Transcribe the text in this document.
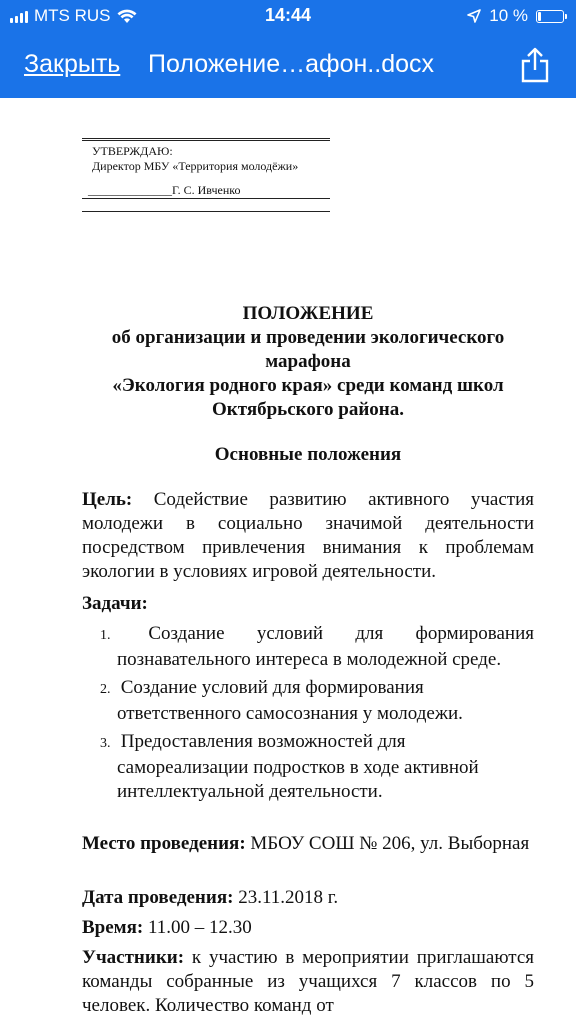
MTS RUS	14:44	10 %
Закрыть Положение…афон..docx

УТВЕРЖДАЮ:

Директор МБУ «Территория молодёжи»

______________Г. С. Ивченко

ПОЛОЖЕНИЕ
об организации и проведении экологического
марафона
«Экология родного края» среди команд школ
Октябрьского района.
Основные положения
Цель: Содействие развитию активного участия молодежи в социально значимой деятельности посредством привлечения внимания к проблемам экологии в условиях игровой деятельности.
Задачи:
1. Создание условий для формирования
познавательного интереса в молодежной среде.
2. Создание условий для формирования
ответственного самосознания у молодежи.
3. Предоставления возможностей для
самореализации подростков в ходе активной
интеллектуальной деятельности.
Место проведения: МБОУ СОШ № 206, ул. Выборная
Дата проведения: 23.11.2018 г.
Время: 11.00 – 12.30
Участники: к участию в мероприятии приглашаются команды собранные из учащихся 7 классов по 5 человек. Количество команд от
